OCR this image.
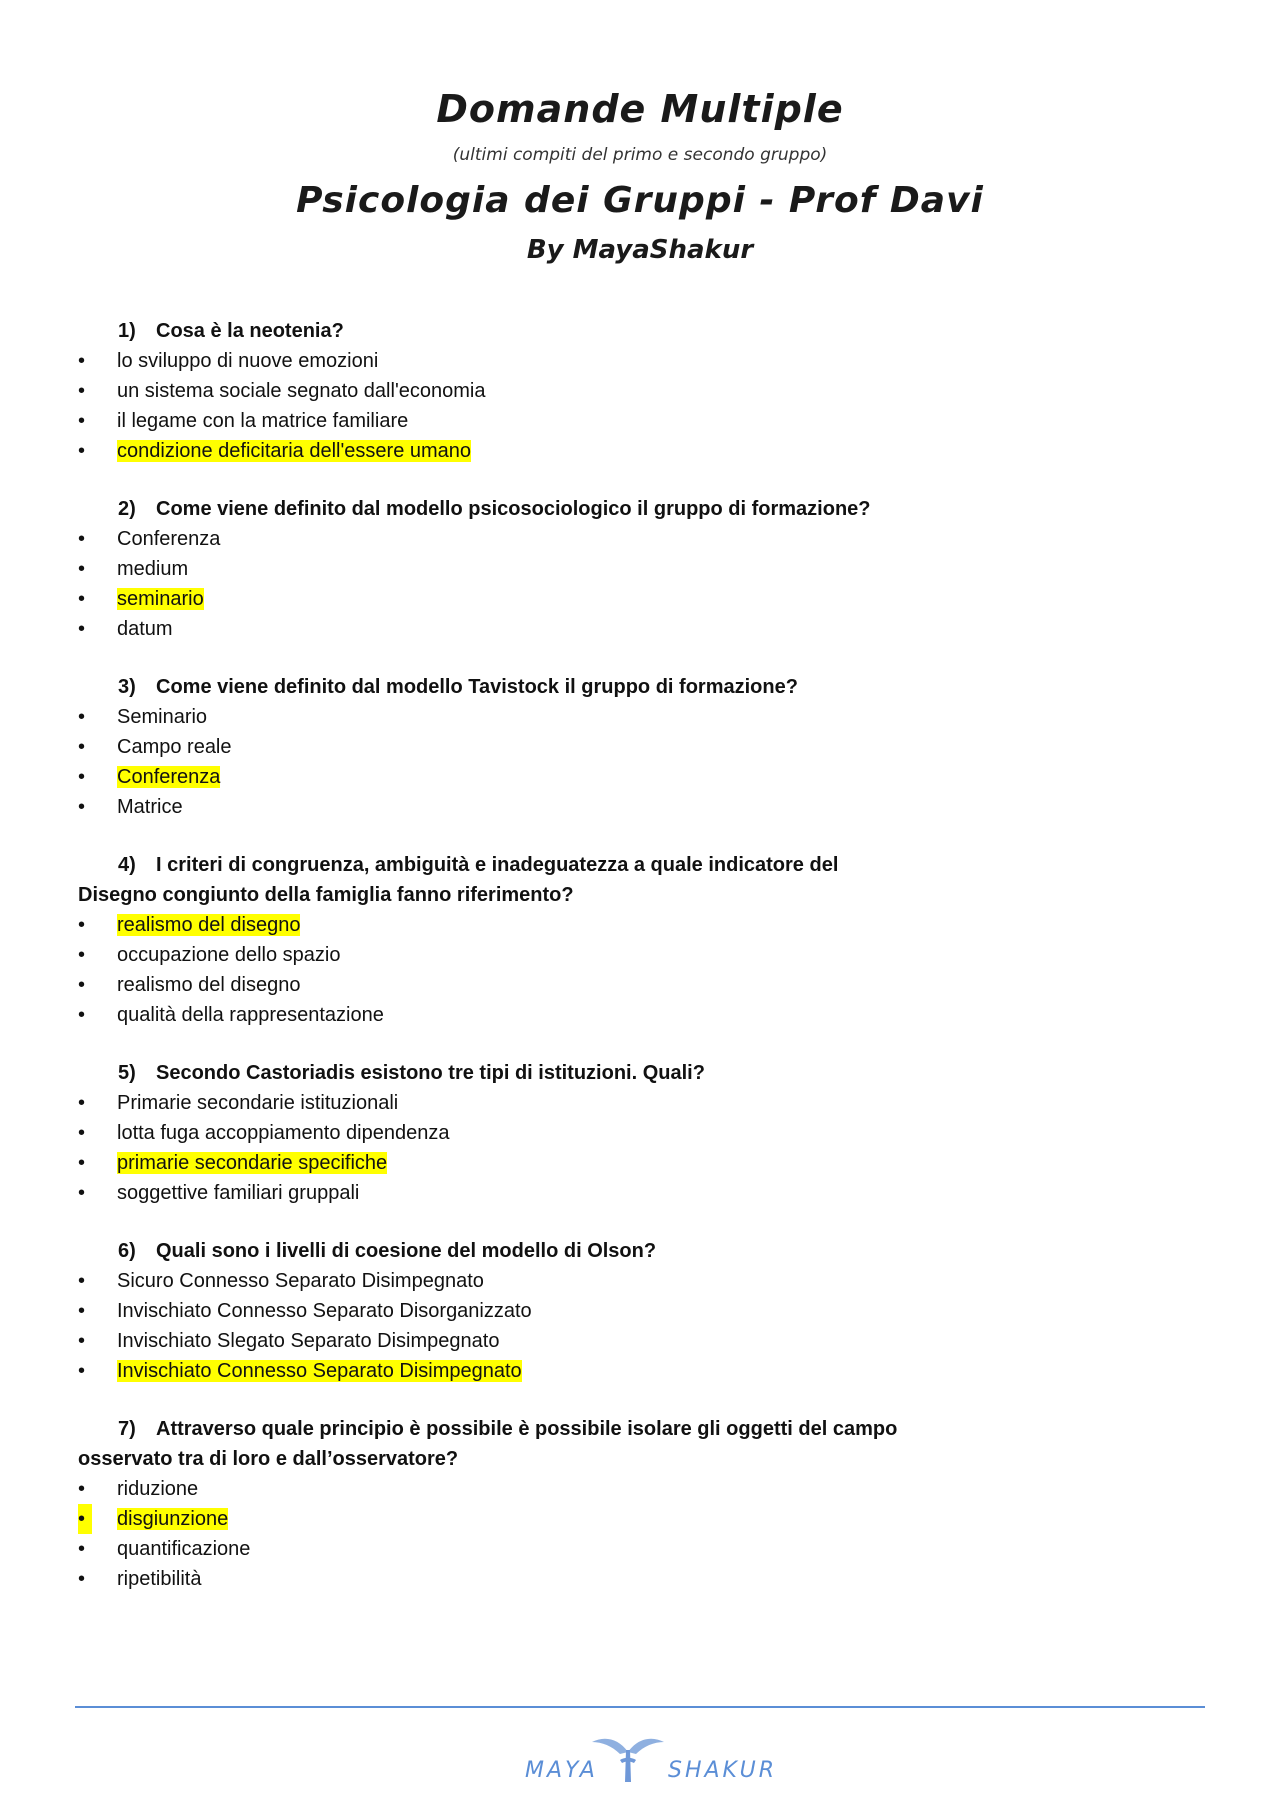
Domande Multiple

(ultimi compiti del primo e secondo gruppo)

Psicologia dei Gruppi - Prof Davi

By MayaShakur

1) Cosa è la neotenia?

•	lo sviluppo di nuove emozioni
•	un sistema sociale segnato dall'economia
•	il legame con la matrice familiare
•	condizione deficitaria dell'essere umano

2) Come viene definito dal modello psicosociologico il gruppo di formazione?

•	Conferenza
•	medium
•	seminario
•	datum

3) Come viene definito dal modello Tavistock il gruppo di formazione?

•	Seminario
•	Campo reale
•	Conferenza
•	Matrice

4) I criteri di congruenza, ambiguità e inadeguatezza a quale indicatore del
Disegno congiunto della famiglia fanno riferimento?

•	realismo del disegno
•	occupazione dello spazio
•	realismo del disegno
•	qualità della rappresentazione

5) Secondo Castoriadis esistono tre tipi di istituzioni. Quali?

•	Primarie secondarie istituzionali
•	lotta fuga accoppiamento dipendenza
•	primarie secondarie specifiche
•	soggettive familiari gruppali

6) Quali sono i livelli di coesione del modello di Olson?

•	Sicuro Connesso Separato Disimpegnato
•	Invischiato Connesso Separato Disorganizzato
•	Invischiato Slegato Separato Disimpegnato
•	Invischiato Connesso Separato Disimpegnato

7) Attraverso quale principio è possibile è possibile isolare gli oggetti del campo
osservato tra di loro e dall’osservatore?

•	riduzione
•	disgiunzione
•	quantificazione
•	ripetibilità
MAYA	SHAKUR
